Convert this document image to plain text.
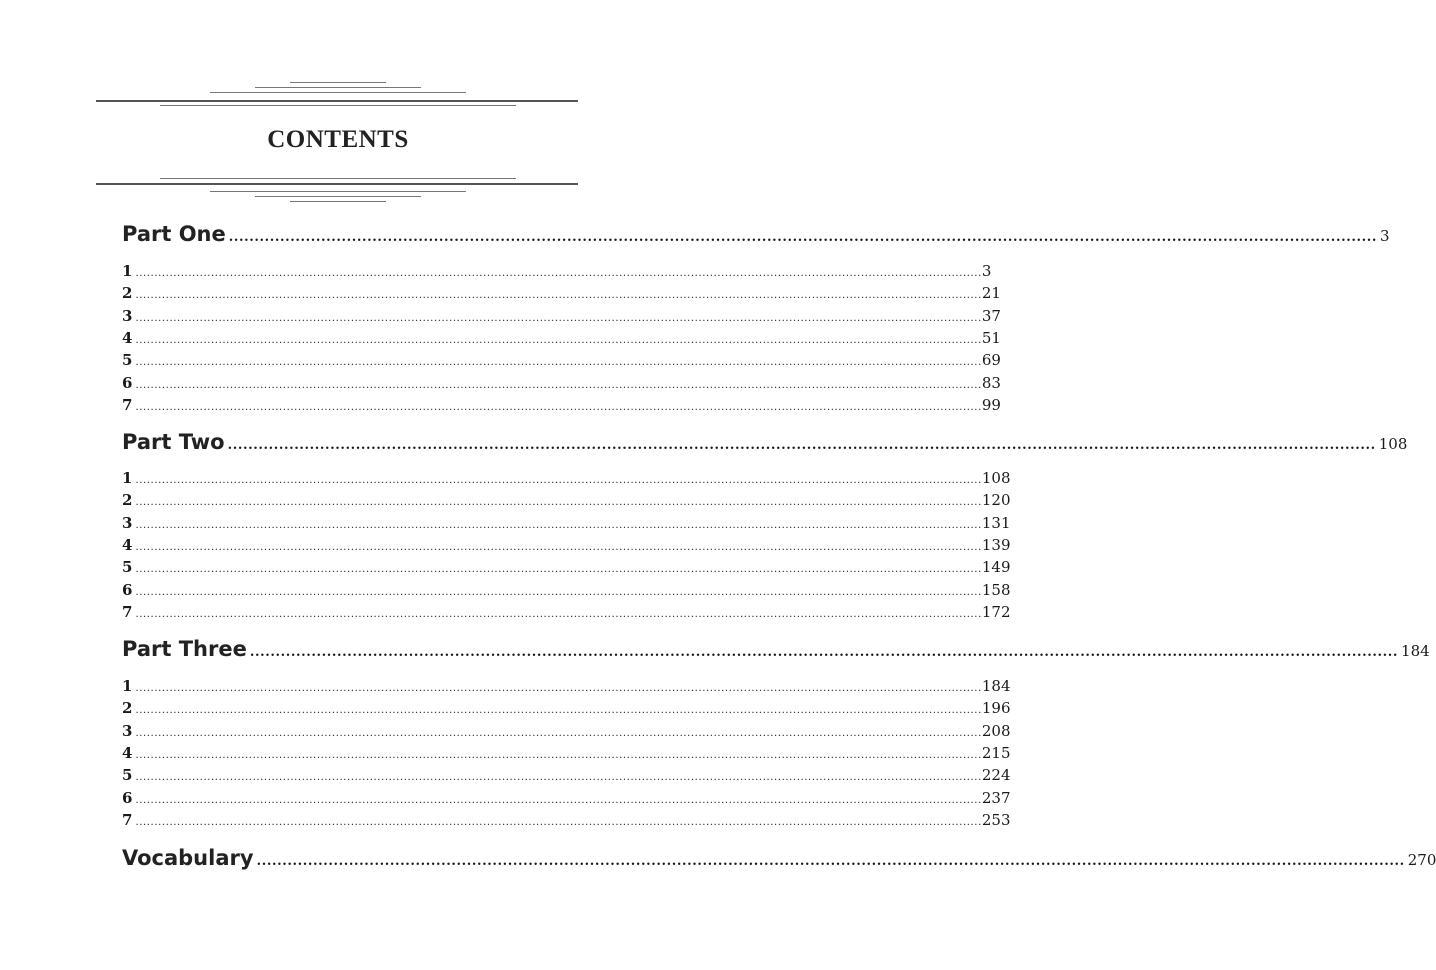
CONTENTS
Part One ................................................................................................................................................................................................................................ 3
1 ................................................................................................................................................................................................................................ 3
2 ................................................................................................................................................................................................................................ 21
3 ................................................................................................................................................................................................................................ 37
4 ................................................................................................................................................................................................................................ 51
5 ................................................................................................................................................................................................................................ 69
6 ................................................................................................................................................................................................................................ 83
7 ................................................................................................................................................................................................................................ 99
Part Two ................................................................................................................................................................................................................................ 108
1 ................................................................................................................................................................................................................................ 108
2 ................................................................................................................................................................................................................................ 120
3 ................................................................................................................................................................................................................................ 131
4 ................................................................................................................................................................................................................................ 139
5 ................................................................................................................................................................................................................................ 149
6 ................................................................................................................................................................................................................................ 158
7 ................................................................................................................................................................................................................................ 172
Part Three ................................................................................................................................................................................................................................ 184
1 ................................................................................................................................................................................................................................ 184
2 ................................................................................................................................................................................................................................ 196
3 ................................................................................................................................................................................................................................ 208
4 ................................................................................................................................................................................................................................ 215
5 ................................................................................................................................................................................................................................ 224
6 ................................................................................................................................................................................................................................ 237
7 ................................................................................................................................................................................................................................ 253
Vocabulary ................................................................................................................................................................................................................................ 270
